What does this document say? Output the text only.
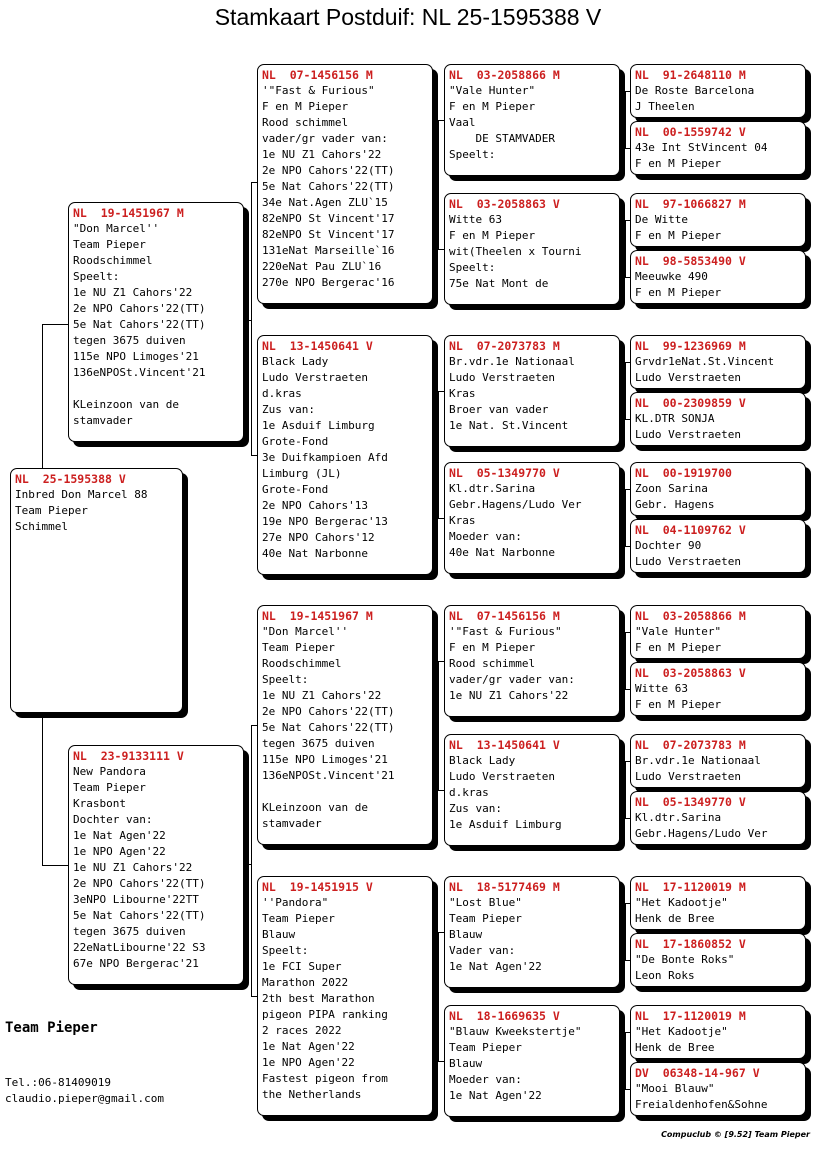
Stamkaart Postduif: NL 25-1595388 V
NL  25-1595388 V
Inbred Don Marcel 88
Team Pieper
Schimmel
NL  19-1451967 M
"Don Marcel''
Team Pieper
Roodschimmel
Speelt:
1e NU Z1 Cahors'22
2e NPO Cahors'22(TT)
5e Nat Cahors'22(TT)
tegen 3675 duiven
115e NPO Limoges'21
136eNPOSt.Vincent'21

KLeinzoon van de
stamvader
NL  23-9133111 V
New Pandora
Team Pieper
Krasbont
Dochter van:
1e Nat Agen'22
1e NPO Agen'22
1e NU Z1 Cahors'22
2e NPO Cahors'22(TT)
3eNPO Libourne'22TT
5e Nat Cahors'22(TT)
tegen 3675 duiven
22eNatLibourne'22 S3
67e NPO Bergerac'21
NL  07-1456156 M
'"Fast & Furious"
F en M Pieper
Rood schimmel
vader/gr vader van:
1e NU Z1 Cahors'22
2e NPO Cahors'22(TT)
5e Nat Cahors'22(TT)
34e Nat.Agen ZLU`15
82eNPO St Vincent'17
82eNPO St Vincent'17
131eNat Marseille`16
220eNat Pau ZLU`16
270e NPO Bergerac'16
NL  13-1450641 V
Black Lady
Ludo Verstraeten
d.kras
Zus van:
1e Asduif Limburg
Grote-Fond
3e Duifkampioen Afd
Limburg (JL)
Grote-Fond
2e NPO Cahors'13
19e NPO Bergerac'13
27e NPO Cahors'12
40e Nat Narbonne
NL  19-1451967 M
"Don Marcel''
Team Pieper
Roodschimmel
Speelt:
1e NU Z1 Cahors'22
2e NPO Cahors'22(TT)
5e Nat Cahors'22(TT)
tegen 3675 duiven
115e NPO Limoges'21
136eNPOSt.Vincent'21

KLeinzoon van de
stamvader
NL  19-1451915 V
''Pandora"
Team Pieper
Blauw
Speelt:
1e FCI Super
Marathon 2022
2th best Marathon
pigeon PIPA ranking
2 races 2022
1e Nat Agen'22
1e NPO Agen'22
Fastest pigeon from
the Netherlands
NL  03-2058866 M
"Vale Hunter"
F en M Pieper
Vaal
DE STAMVADER
Speelt:
NL  03-2058863 V
Witte 63
F en M Pieper
wit(Theelen x Tourni
Speelt:
75e Nat Mont de
NL  07-2073783 M
Br.vdr.1e Nationaal
Ludo Verstraeten
Kras
Broer van vader
1e Nat. St.Vincent
NL  05-1349770 V
Kl.dtr.Sarina
Gebr.Hagens/Ludo Ver
Kras
Moeder van:
40e Nat Narbonne
NL  07-1456156 M
'"Fast & Furious"
F en M Pieper
Rood schimmel
vader/gr vader van:
1e NU Z1 Cahors'22
NL  13-1450641 V
Black Lady
Ludo Verstraeten
d.kras
Zus van:
1e Asduif Limburg
NL  18-5177469 M
"Lost Blue"
Team Pieper
Blauw
Vader van:
1e Nat Agen'22
NL  18-1669635 V
"Blauw Kweekstertje"
Team Pieper
Blauw
Moeder van:
1e Nat Agen'22
NL  91-2648110 M
De Roste Barcelona
J Theelen
NL  00-1559742 V
43e Int StVincent 04
F en M Pieper
NL  97-1066827 M
De Witte
F en M Pieper
NL  98-5853490 V
Meeuwke 490
F en M Pieper
NL  99-1236969 M
Grvdr1eNat.St.Vincent
Ludo Verstraeten
NL  00-2309859 V
KL.DTR SONJA
Ludo Verstraeten
NL  00-1919700
Zoon Sarina
Gebr. Hagens
NL  04-1109762 V
Dochter 90
Ludo Verstraeten
NL  03-2058866 M
"Vale Hunter"
F en M Pieper
NL  03-2058863 V
Witte 63
F en M Pieper
NL  07-2073783 M
Br.vdr.1e Nationaal
Ludo Verstraeten
NL  05-1349770 V
Kl.dtr.Sarina
Gebr.Hagens/Ludo Ver
NL  17-1120019 M
"Het Kadootje"
Henk de Bree
NL  17-1860852 V
"De Bonte Roks"
Leon Roks
NL  17-1120019 M
"Het Kadootje"
Henk de Bree
DV  06348-14-967 V
"Mooi Blauw"
Freialdenhofen&Sohne
Team Pieper
Tel.:06-81409019
claudio.pieper@gmail.com
Compuclub © [9.52] Team Pieper
